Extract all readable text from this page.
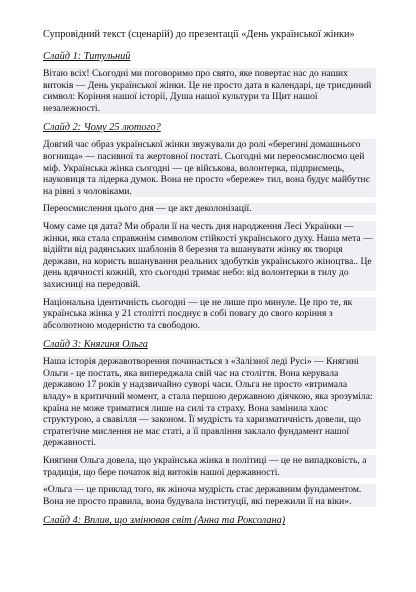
Супровідний текст (сценарій) до презентації «День української жінки»
Слайд 1: Титульний
Вітаю всіх! Сьогодні ми поговоримо про свято, яке повертає нас до наших витоків — День української жінки. Це не просто дата в календарі, це триєдиний символ: Коріння нашої історії, Душа нашої культури та Щит нашої незалежності.
Слайд 2: Чому 25 лютого?
Довгий час образ української жінки звужували до ролі «берегині домашнього вогнища» — пасивної та жертовної постаті. Сьогодні ми переосмислюємо цей міф. Українська жінка сьогодні — це військова, волонтерка, підприємець, науковиця та лідерка думок. Вона не просто «береже» тил, вона будує майбутнє на рівні з чоловіками.
Переосмислення цього дня — це акт деколонізації.
Чому саме ця дата? Ми обрали її на честь дня народження Лесі Українки — жінки, яка стала справжнім символом стійкості українського духу. Наша мета — відійти від радянських шаблонів 8 березня та вшанувати жінку як творця держави, на користь вшанування реальних здобутків українського жіноцтва.. Це день вдячності кожній, хто сьогодні тримає небо: від волонтерки в тилу до захисниці на передовій.
Національна ідентичність сьогодні — це не лише про минуле. Це про те, як українська жінка у 21 столітті поєднує в собі повагу до свого коріння з абсолютною модерністю та свободою.
Слайд 3: Княгиня Ольга
Наша історія державотворення починається з «Залізної леді Русі» — Княгині Ольги - це постать, яка випереджала свій час на століття. Вона керувала державою 17 років у надзвичайно суворі часи. Ольга не просто «втримала владу» в критичний момент, а стала першою державною діячкою, яка зрозуміла: країна не може триматися лише на силі та страху. Вона замінила хаос структурою, а свавілля — законом. Її мудрість та харизматичність довели, що стратегічне мислення не має статі, а її правління заклало фундамент нашої державності.
Княгиня Ольга довела, що українська жінка в політиці — це не випадковість, а традиція, що бере початок від витоків нашої державності.
«Ольга — це приклад того, як жіноча мудрість стає державним фундаментом. Вона не просто правила, вона будувала інституції, які пережили її на віки».
Слайд 4: Вплив, що змінював світ (Анна та Роксолана)
